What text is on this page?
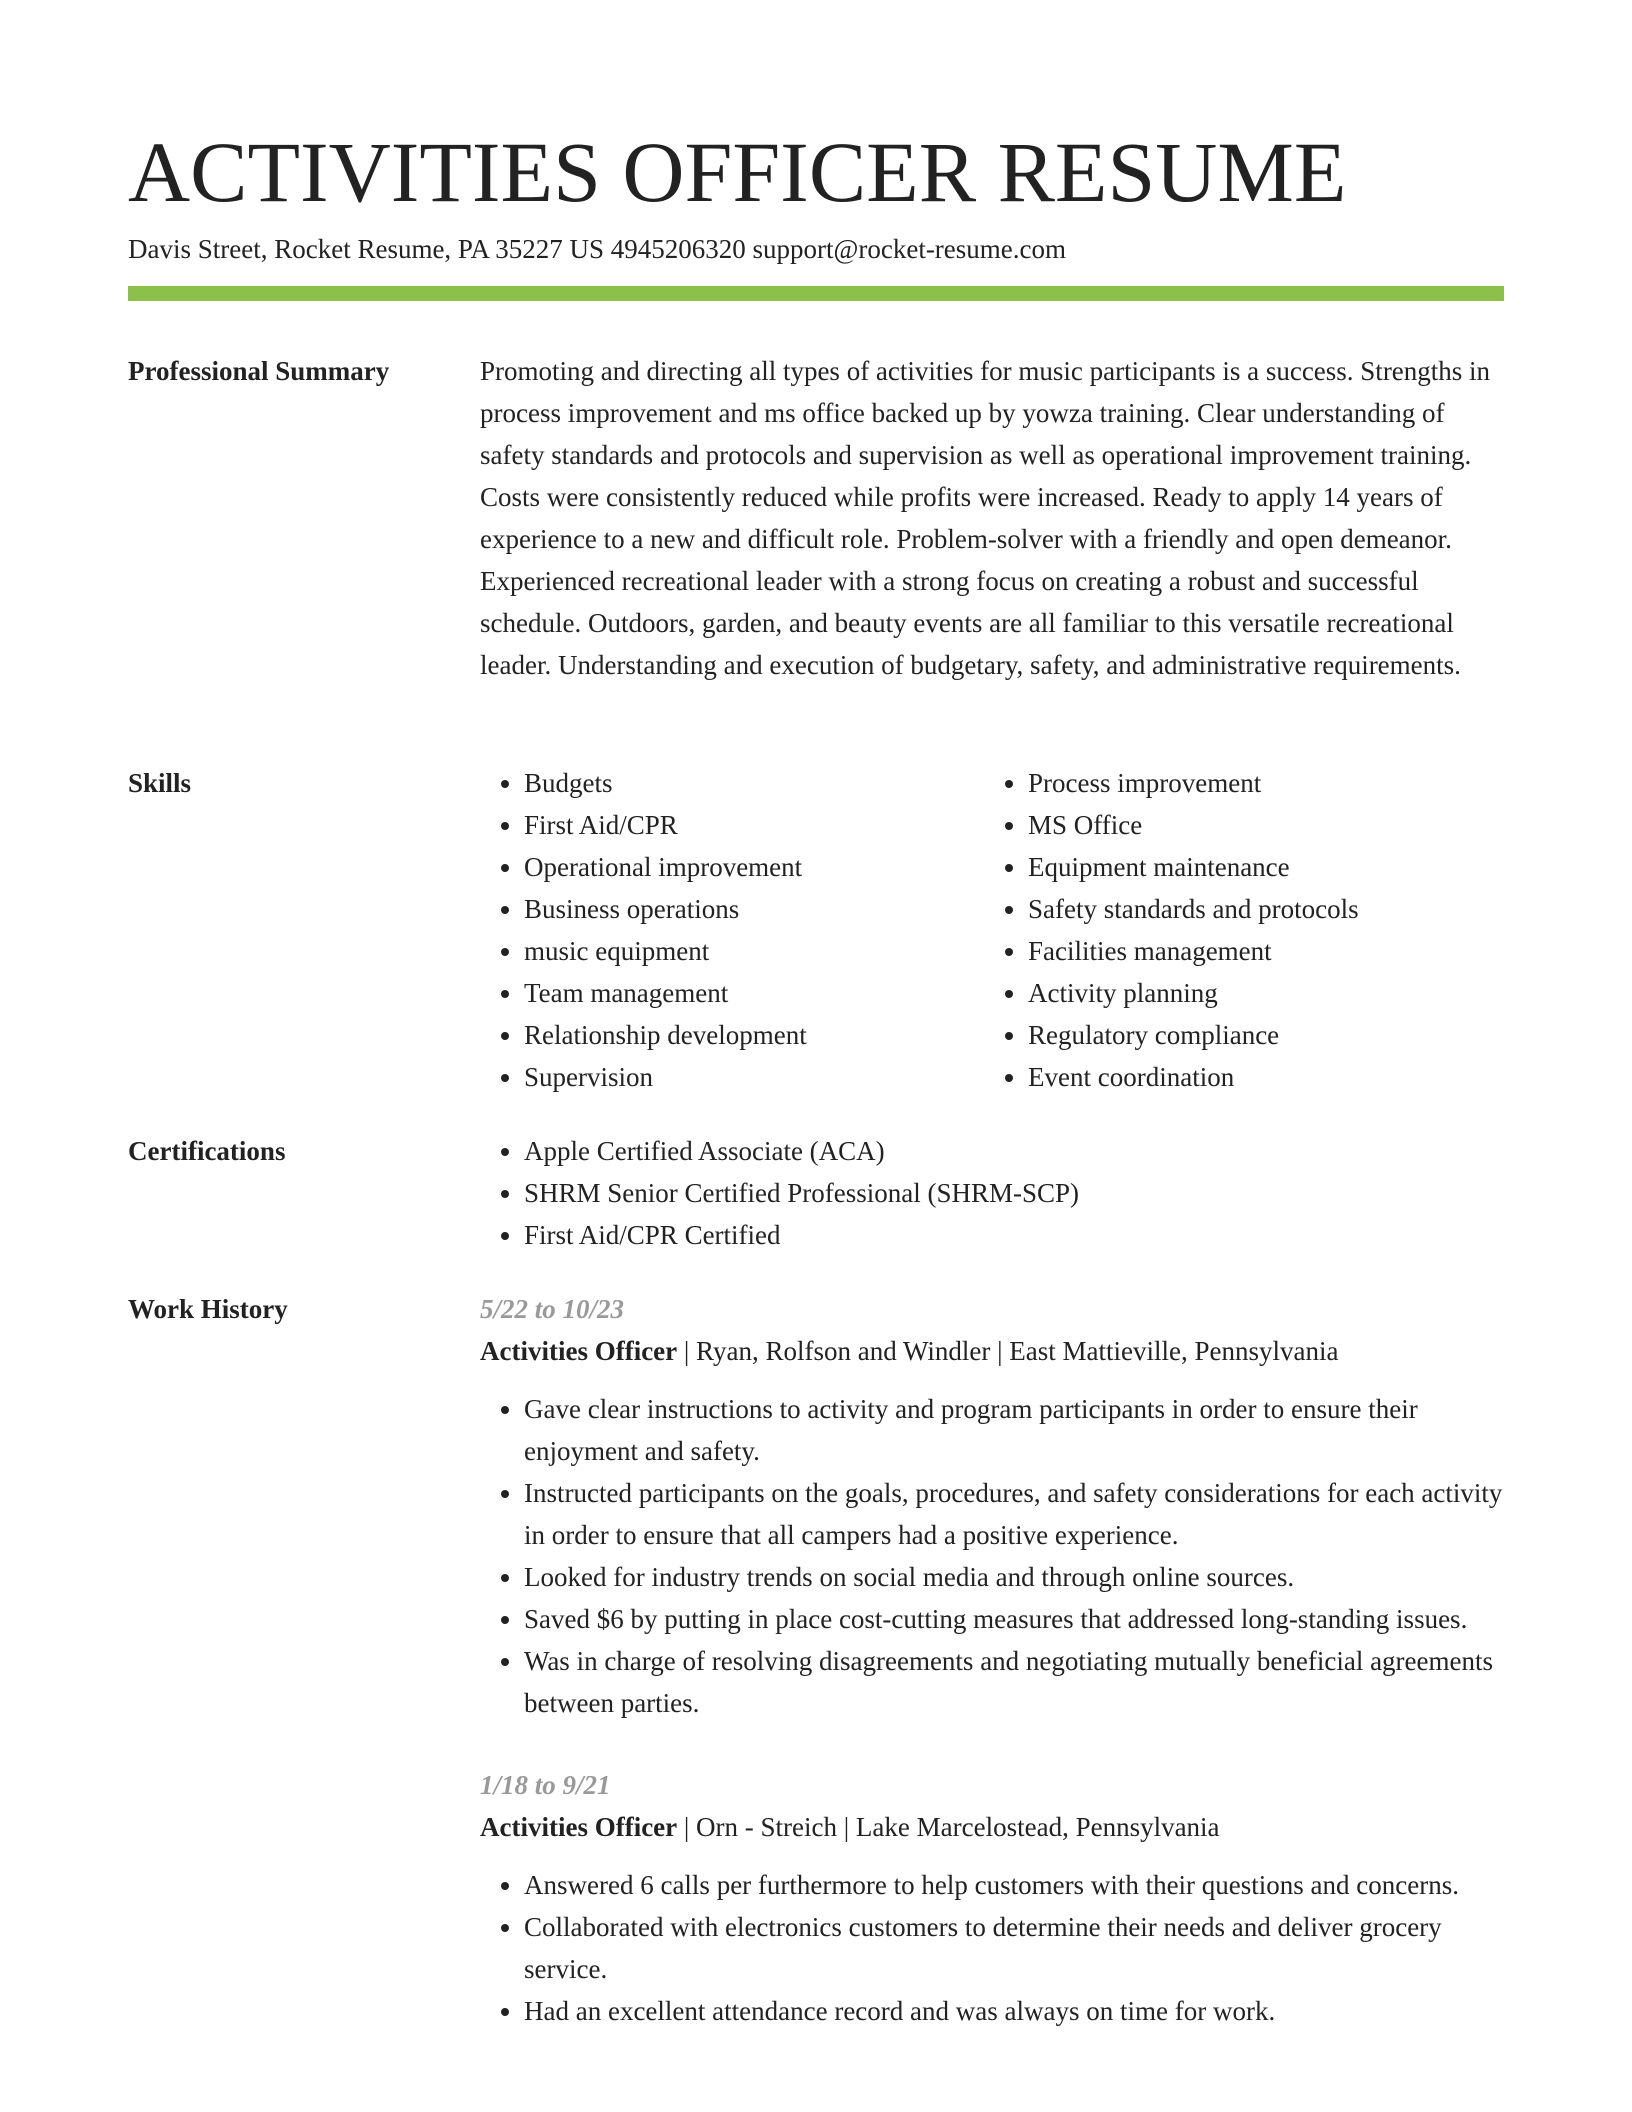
ACTIVITIES OFFICER RESUME
Davis Street, Rocket Resume, PA 35227 US 4945206320 support@rocket-resume.com
Professional Summary	Promoting and directing all types of activities for music participants is a success. Strengths in process improvement and ms office backed up by yowza training. Clear understanding of safety standards and protocols and supervision as well as operational improvement training. Costs were consistently reduced while profits were increased. Ready to apply 14 years of experience to a new and difficult role. Problem-solver with a friendly and open demeanor. Experienced recreational leader with a strong focus on creating a robust and successful schedule. Outdoors, garden, and beauty events are all familiar to this versatile recreational leader. Understanding and execution of budgetary, safety, and administrative requirements.

Skills	• Budgets
• First Aid/CPR
• Operational improvement
• Business operations
• music equipment
• Team management
• Relationship development
• Supervision
• Process improvement
• MS Office
• Equipment maintenance
• Safety standards and protocols
• Facilities management
• Activity planning
• Regulatory compliance
• Event coordination
Certifications	• Apple Certified Associate (ACA)
• SHRM Senior Certified Professional (SHRM-SCP)
• First Aid/CPR Certified
Work History	5/22 to 10/23
Activities Officer | Ryan, Rolfson and Windler | East Mattieville, Pennsylvania
• Gave clear instructions to activity and program participants in order to ensure their enjoyment and safety.
• Instructed participants on the goals, procedures, and safety considerations for each activity in order to ensure that all campers had a positive experience.
• Looked for industry trends on social media and through online sources.
• Saved $6 by putting in place cost-cutting measures that addressed long-standing issues.
• Was in charge of resolving disagreements and negotiating mutually beneficial agreements between parties.
1/18 to 9/21
Activities Officer | Orn - Streich | Lake Marcelostead, Pennsylvania
• Answered 6 calls per furthermore to help customers with their questions and concerns.
• Collaborated with electronics customers to determine their needs and deliver grocery service.
• Had an excellent attendance record and was always on time for work.
